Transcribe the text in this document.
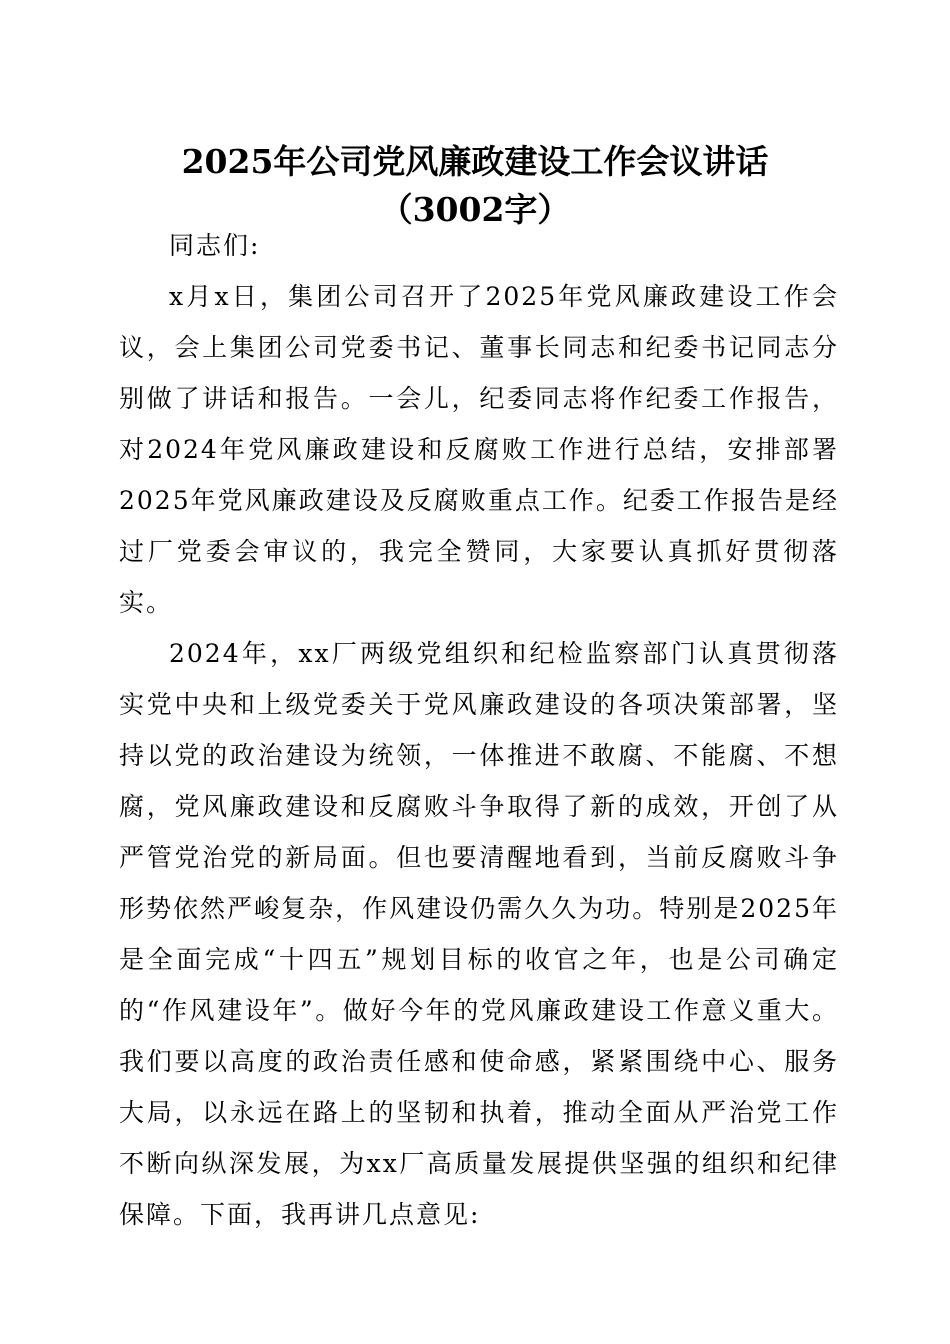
2025年公司党风廉政建设工作会议讲话
（3002字）

同志们:

x月x日，集团公司召开了2025年党风廉政建设工作会议，会上集团公司党委书记、董事长同志和纪委书记同志分别做了讲话和报告。一会儿，纪委同志将作纪委工作报告，对2024年党风廉政建设和反腐败工作进行总结，安排部署2025年党风廉政建设及反腐败重点工作。纪委工作报告是经过厂党委会审议的，我完全赞同，大家要认真抓好贯彻落实。

2024年，xx厂两级党组织和纪检监察部门认真贯彻落实党中央和上级党委关于党风廉政建设的各项决策部署，坚持以党的政治建设为统领，一体推进不敢腐、不能腐、不想腐，党风廉政建设和反腐败斗争取得了新的成效，开创了从严管党治党的新局面。但也要清醒地看到，当前反腐败斗争形势依然严峻复杂，作风建设仍需久久为功。特别是2025年是全面完成“十四五”规划目标的收官之年，也是公司确定的“作风建设年”。做好今年的党风廉政建设工作意义重大。我们要以高度的政治责任感和使命感，紧紧围绕中心、服务大局，以永远在路上的坚韧和执着，推动全面从严治党工作不断向纵深发展，为xx厂高质量发展提供坚强的组织和纪律保障。下面，我再讲几点意见:
